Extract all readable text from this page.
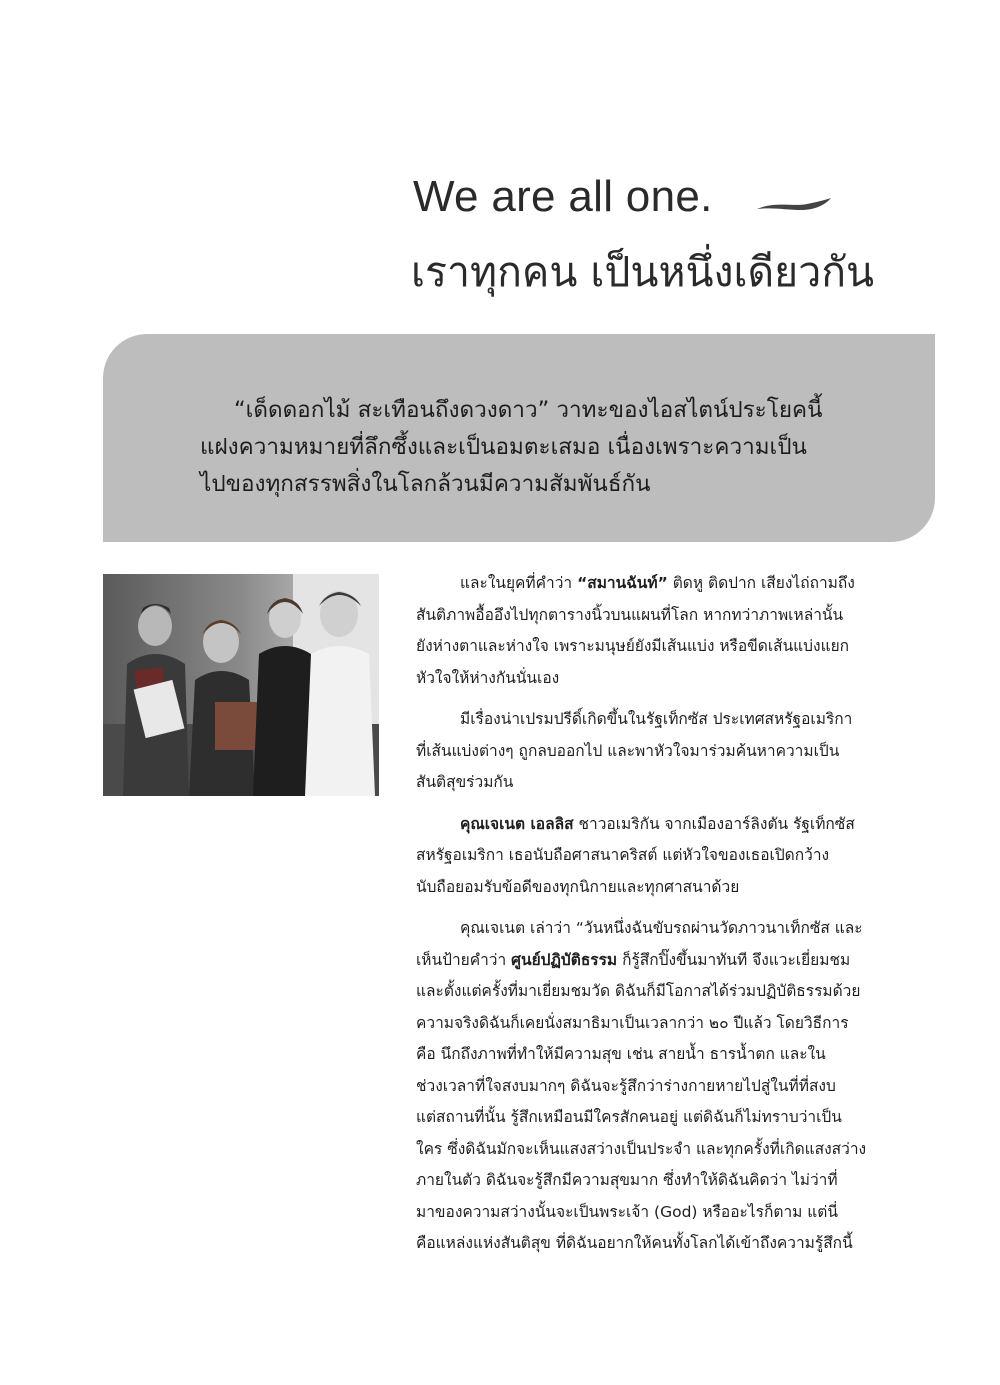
We are all one.
เราทุกคน เป็นหนึ่งเดียวกัน
“เด็ดดอกไม้ สะเทือนถึงดวงดาว” วาทะของไอสไตน์ประโยคนี้
แฝงความหมายที่ลึกซึ้งและเป็นอมตะเสมอ เนื่องเพราะความเป็น
ไปของทุกสรรพสิ่งในโลกล้วนมีความสัมพันธ์กัน
และในยุคที่คำว่า “สมานฉันท์” ติดหู ติดปาก เสียงไถ่ถามถึง
สันติภาพอื้ออึงไปทุกตารางนิ้วบนแผนที่โลก หากทว่าภาพเหล่านั้น
ยังห่างตาและห่างใจ เพราะมนุษย์ยังมีเส้นแบ่ง หรือขีดเส้นแบ่งแยก
หัวใจให้ห่างกันนั่นเอง
มีเรื่องน่าเปรมปรีดิ์เกิดขึ้นในรัฐเท็กซัส ประเทศสหรัฐอเมริกา
ที่เส้นแบ่งต่างๆ ถูกลบออกไป และพาหัวใจมาร่วมค้นหาความเป็น
สันติสุขร่วมกัน
คุณเจเนต เอลลิส ชาวอเมริกัน จากเมืองอาร์ลิงตัน รัฐเท็กซัส
สหรัฐอเมริกา เธอนับถือศาสนาคริสต์ แต่หัวใจของเธอเปิดกว้าง
นับถือยอมรับข้อดีของทุกนิกายและทุกศาสนาด้วย
คุณเจเนต เล่าว่า “วันหนึ่งฉันขับรถผ่านวัดภาวนาเท็กซัส และ
เห็นป้ายคำว่า ศูนย์ปฏิบัติธรรม ก็รู้สึกปิ๊งขึ้นมาทันที จึงแวะเยี่ยมชม
และตั้งแต่ครั้งที่มาเยี่ยมชมวัด ดิฉันก็มีโอกาสได้ร่วมปฏิบัติธรรมด้วย
ความจริงดิฉันก็เคยนั่งสมาธิมาเป็นเวลากว่า ๒๐ ปีแล้ว โดยวิธีการ
คือ นึกถึงภาพที่ทำให้มีความสุข เช่น สายน้ำ ธารน้ำตก และใน
ช่วงเวลาที่ใจสงบมากๆ ดิฉันจะรู้สึกว่าร่างกายหายไปสู่ในที่ที่สงบ
แต่สถานที่นั้น รู้สึกเหมือนมีใครสักคนอยู่ แต่ดิฉันก็ไม่ทราบว่าเป็น
ใคร ซึ่งดิฉันมักจะเห็นแสงสว่างเป็นประจำ และทุกครั้งที่เกิดแสงสว่าง
ภายในตัว ดิฉันจะรู้สึกมีความสุขมาก ซึ่งทำให้ดิฉันคิดว่า ไม่ว่าที่
มาของความสว่างนั้นจะเป็นพระเจ้า (God) หรืออะไรก็ตาม แต่นี่
คือแหล่งแห่งสันติสุข ที่ดิฉันอยากให้คนทั้งโลกได้เข้าถึงความรู้สึกนี้
